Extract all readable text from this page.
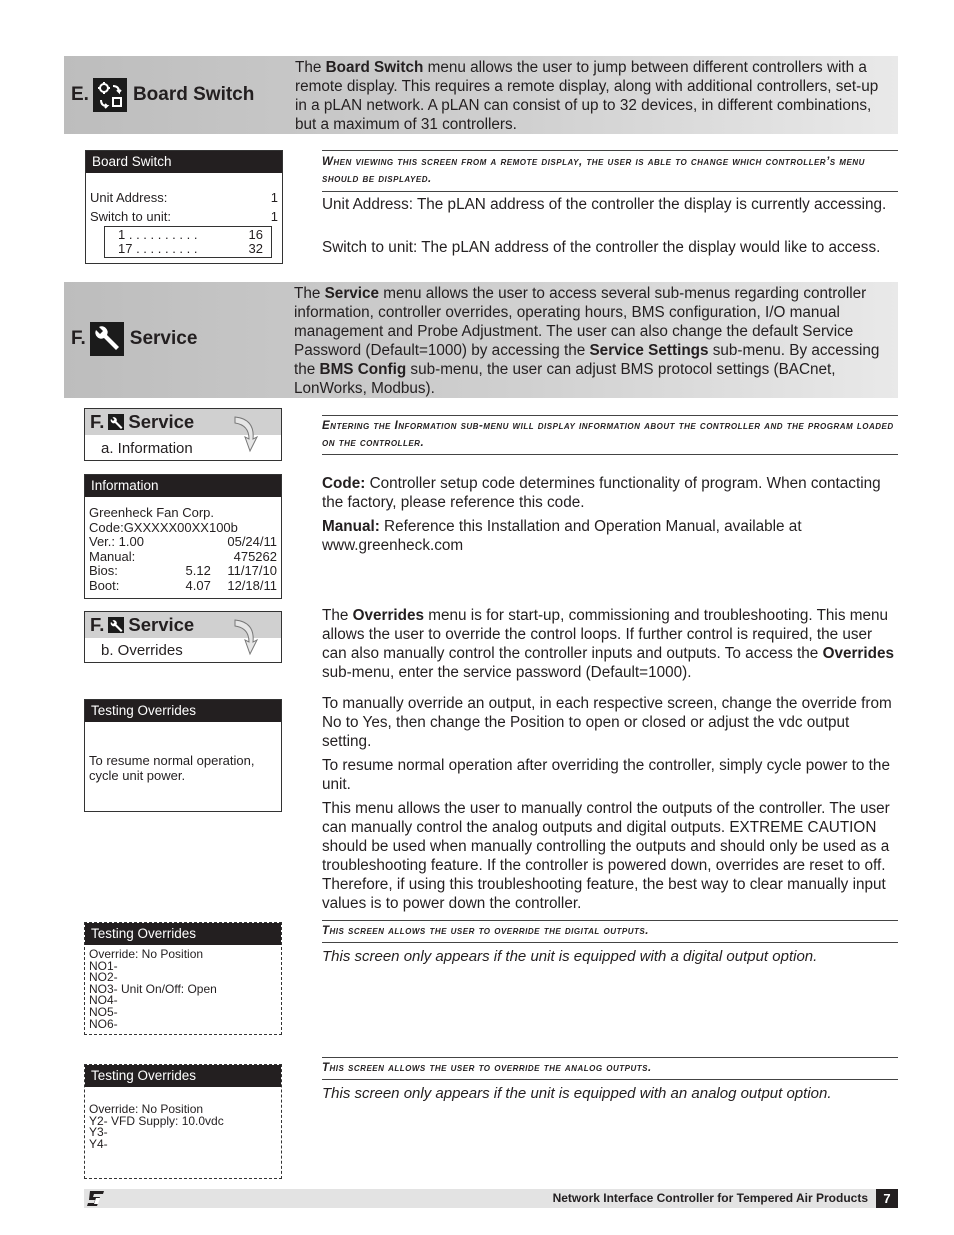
E. Board Switch
The Board Switch menu allows the user to jump between different controllers with a remote display. This requires a remote display, along with additional controllers, set-up in a pLAN network. A pLAN can consist of up to 32 devices, in different combinations, but a maximum of 31 controllers.
Board Switch
Unit Address:	1
Switch to unit:	1
1 . . . . . . . . . .	16
17 . . . . . . . . .	32
When viewing this screen from a remote display, the user is able to change which controller’s menu should be displayed.
Unit Address: The pLAN address of the controller the display is currently accessing.
Switch to unit: The pLAN address of the controller the display would like to access.
F. Service
The Service menu allows the user to access several sub-menus regarding controller information, controller overrides, operating hours, BMS configuration, I/O manual management and Probe Adjustment. The user can also change the default Service Password (Default=1000) by accessing the Service Settings sub-menu. By accessing the BMS Config sub-menu, the user can adjust BMS protocol settings (BACnet, LonWorks, Modbus).
F. Service
a. Information
Entering the Information sub-menu will display information about the controller and the program loaded on the controller.
Information
Greenheck Fan Corp.
Code:GXXXXX00XX100b
Ver.: 1.00	05/24/11
Manual:	475262
Bios:	5.12 11/17/10
Boot:	4.07 12/18/11
Code: Controller setup code determines functionality of program. When contacting the factory, please reference this code.
Manual: Reference this Installation and Operation Manual, available at www.greenheck.com
F. Service
b. Overrides
The Overrides menu is for start-up, commissioning and troubleshooting. This menu allows the user to override the control loops. If further control is required, the user can also manually control the controller inputs and outputs. To access the Overrides sub-menu, enter the service password (Default=1000).
Testing Overrides
To resume normal operation, cycle unit power.
To manually override an output, in each respective screen, change the override from No to Yes, then change the Position to open or closed or adjust the vdc output setting.
To resume normal operation after overriding the controller, simply cycle power to the unit.
This menu allows the user to manually control the outputs of the controller. The user can manually control the analog outputs and digital outputs. EXTREME CAUTION should be used when manually controlling the outputs and should only be used as a troubleshooting feature. If the controller is powered down, overrides are reset to off. Therefore, if using this troubleshooting feature, the best way to clear manually input values is to power down the controller.
Testing Overrides
Override: No Position
NO1-
NO2-
NO3- Unit On/Off: Open
NO4-
NO5-
NO6-
This screen allows the user to override the digital outputs.
This screen only appears if the unit is equipped with a digital output option.
Testing Overrides
Override: No Position
Y2- VFD Supply: 10.0vdc
Y3-
Y4-
This screen allows the user to override the analog outputs.
This screen only appears if the unit is equipped with an analog output option.
Network Interface Controller for Tempered Air Products	7
